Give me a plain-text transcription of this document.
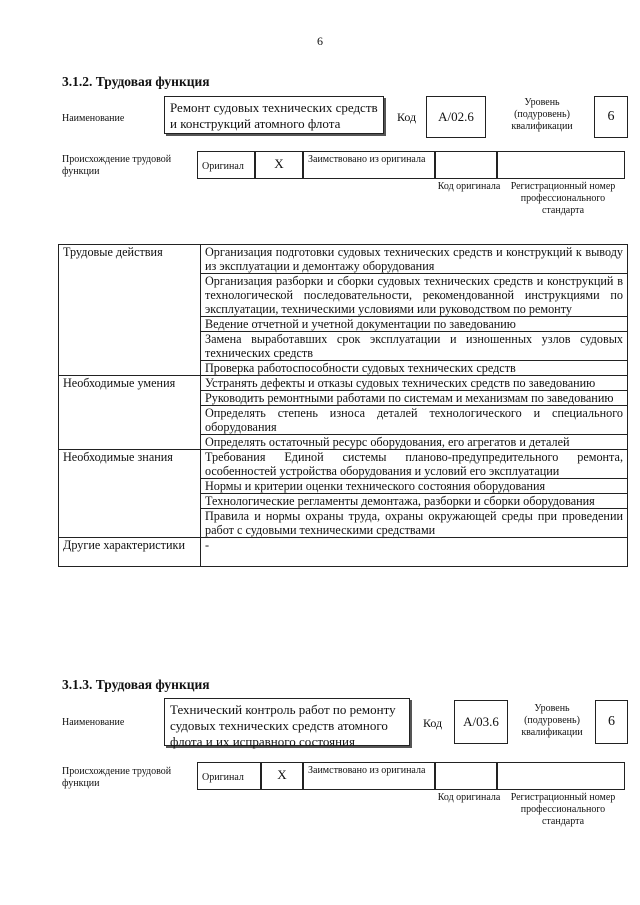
6
3.1.2. Трудовая функция
Наименование
Ремонт судовых технических средств и конструкций атомного флота	Код	A/02.6
Уровень (подуровень) квалификации
6
Происхождение трудовой функции	Оригинал	X	Заимствовано из оригинала
Код оригинала	Регистрационный номер профессионального стандарта
Трудовые действия	Организация подготовки судовых технических средств и конструкций к выводу из эксплуатации и демонтажу оборудования
	Организация разборки и сборки судовых технических средств и конструкций в технологической последовательности, рекомендованной инструкциями по эксплуатации, техническими условиями или руководством по ремонту
	Ведение отчетной и учетной документации по заведованию
	Замена выработавших срок эксплуатации и изношенных узлов судовых технических средств
	Проверка работоспособности судовых технических средств
Необходимые умения	Устранять дефекты и отказы судовых технических средств по заведованию
	Руководить ремонтными работами по системам и механизмам по заведованию
	Определять степень износа деталей технологического и специального оборудования
	Определять остаточный ресурс оборудования, его агрегатов и деталей
Необходимые знания	Требования Единой системы планово-предупредительного ремонта, особенностей устройства оборудования и условий его эксплуатации
	Нормы и критерии оценки технического состояния оборудования
	Технологические регламенты демонтажа, разборки и сборки оборудования
	Правила и нормы охраны труда, охраны окружающей среды при проведении работ с судовыми техническими средствами
Другие характеристики	-
3.1.3. Трудовая функция
Наименование
Технический контроль работ по ремонту судовых технических средств атомного флота и их исправного состояния
Код	A/03.6
Уровень (подуровень) квалификации
6
Происхождение трудовой функции
Оригинал	X	Заимствовано из оригинала
Код оригинала	Регистрационный номер профессионального стандарта
